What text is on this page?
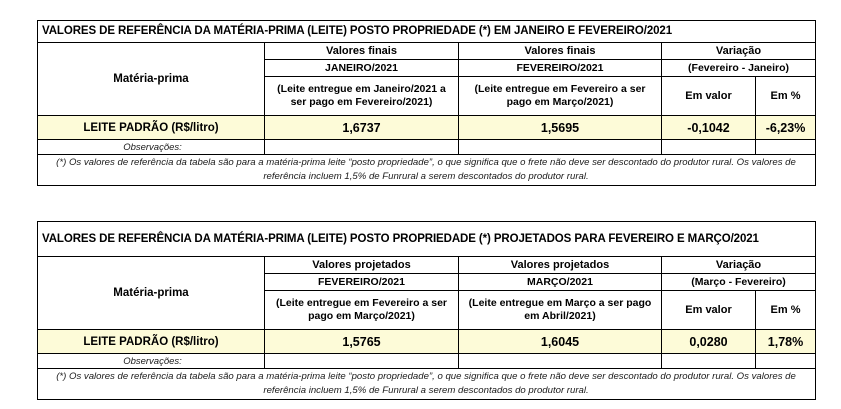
VALORES DE REFERÊNCIA DA MATÉRIA-PRIMA (LEITE) POSTO PROPRIEDADE (*) EM JANEIRO E FEVEREIRO/2021				
Matéria-prima	Valores finais	Valores finais	Variação	
	JANEIRO/2021	FEVEREIRO/2021	(Fevereiro - Janeiro)	
	(Leite entregue em Janeiro/2021 a ser pago em Fevereiro/2021)	(Leite entregue em Fevereiro a ser pago em Março/2021)	Em valor	Em %
LEITE PADRÃO (R$/litro)	1,6737	1,5695	-0,1042	-6,23%
Observações:				
(*) Os valores de referência da tabela são para a matéria-prima leite “posto propriedade”, o que significa que o frete não deve ser descontado do produtor rural. Os valores de referência incluem 1,5% de Funrural a serem descontados do produtor rural.				
VALORES DE REFERÊNCIA DA MATÉRIA-PRIMA (LEITE) POSTO PROPRIEDADE (*) PROJETADOS PARA FEVEREIRO E MARÇO/2021				
Matéria-prima	Valores projetados	Valores projetados	Variação	
	FEVEREIRO/2021	MARÇO/2021	(Março - Fevereiro)	
	(Leite entregue em Fevereiro a ser pago em Março/2021)	(Leite entregue em Março a ser pago em Abril/2021)	Em valor	Em %
LEITE PADRÃO (R$/litro)	1,5765	1,6045	0,0280	1,78%
Observações:				
(*) Os valores de referência da tabela são para a matéria-prima leite “posto propriedade”, o que significa que o frete não deve ser descontado do produtor rural. Os valores de referência incluem 1,5% de Funrural a serem descontados do produtor rural.				
